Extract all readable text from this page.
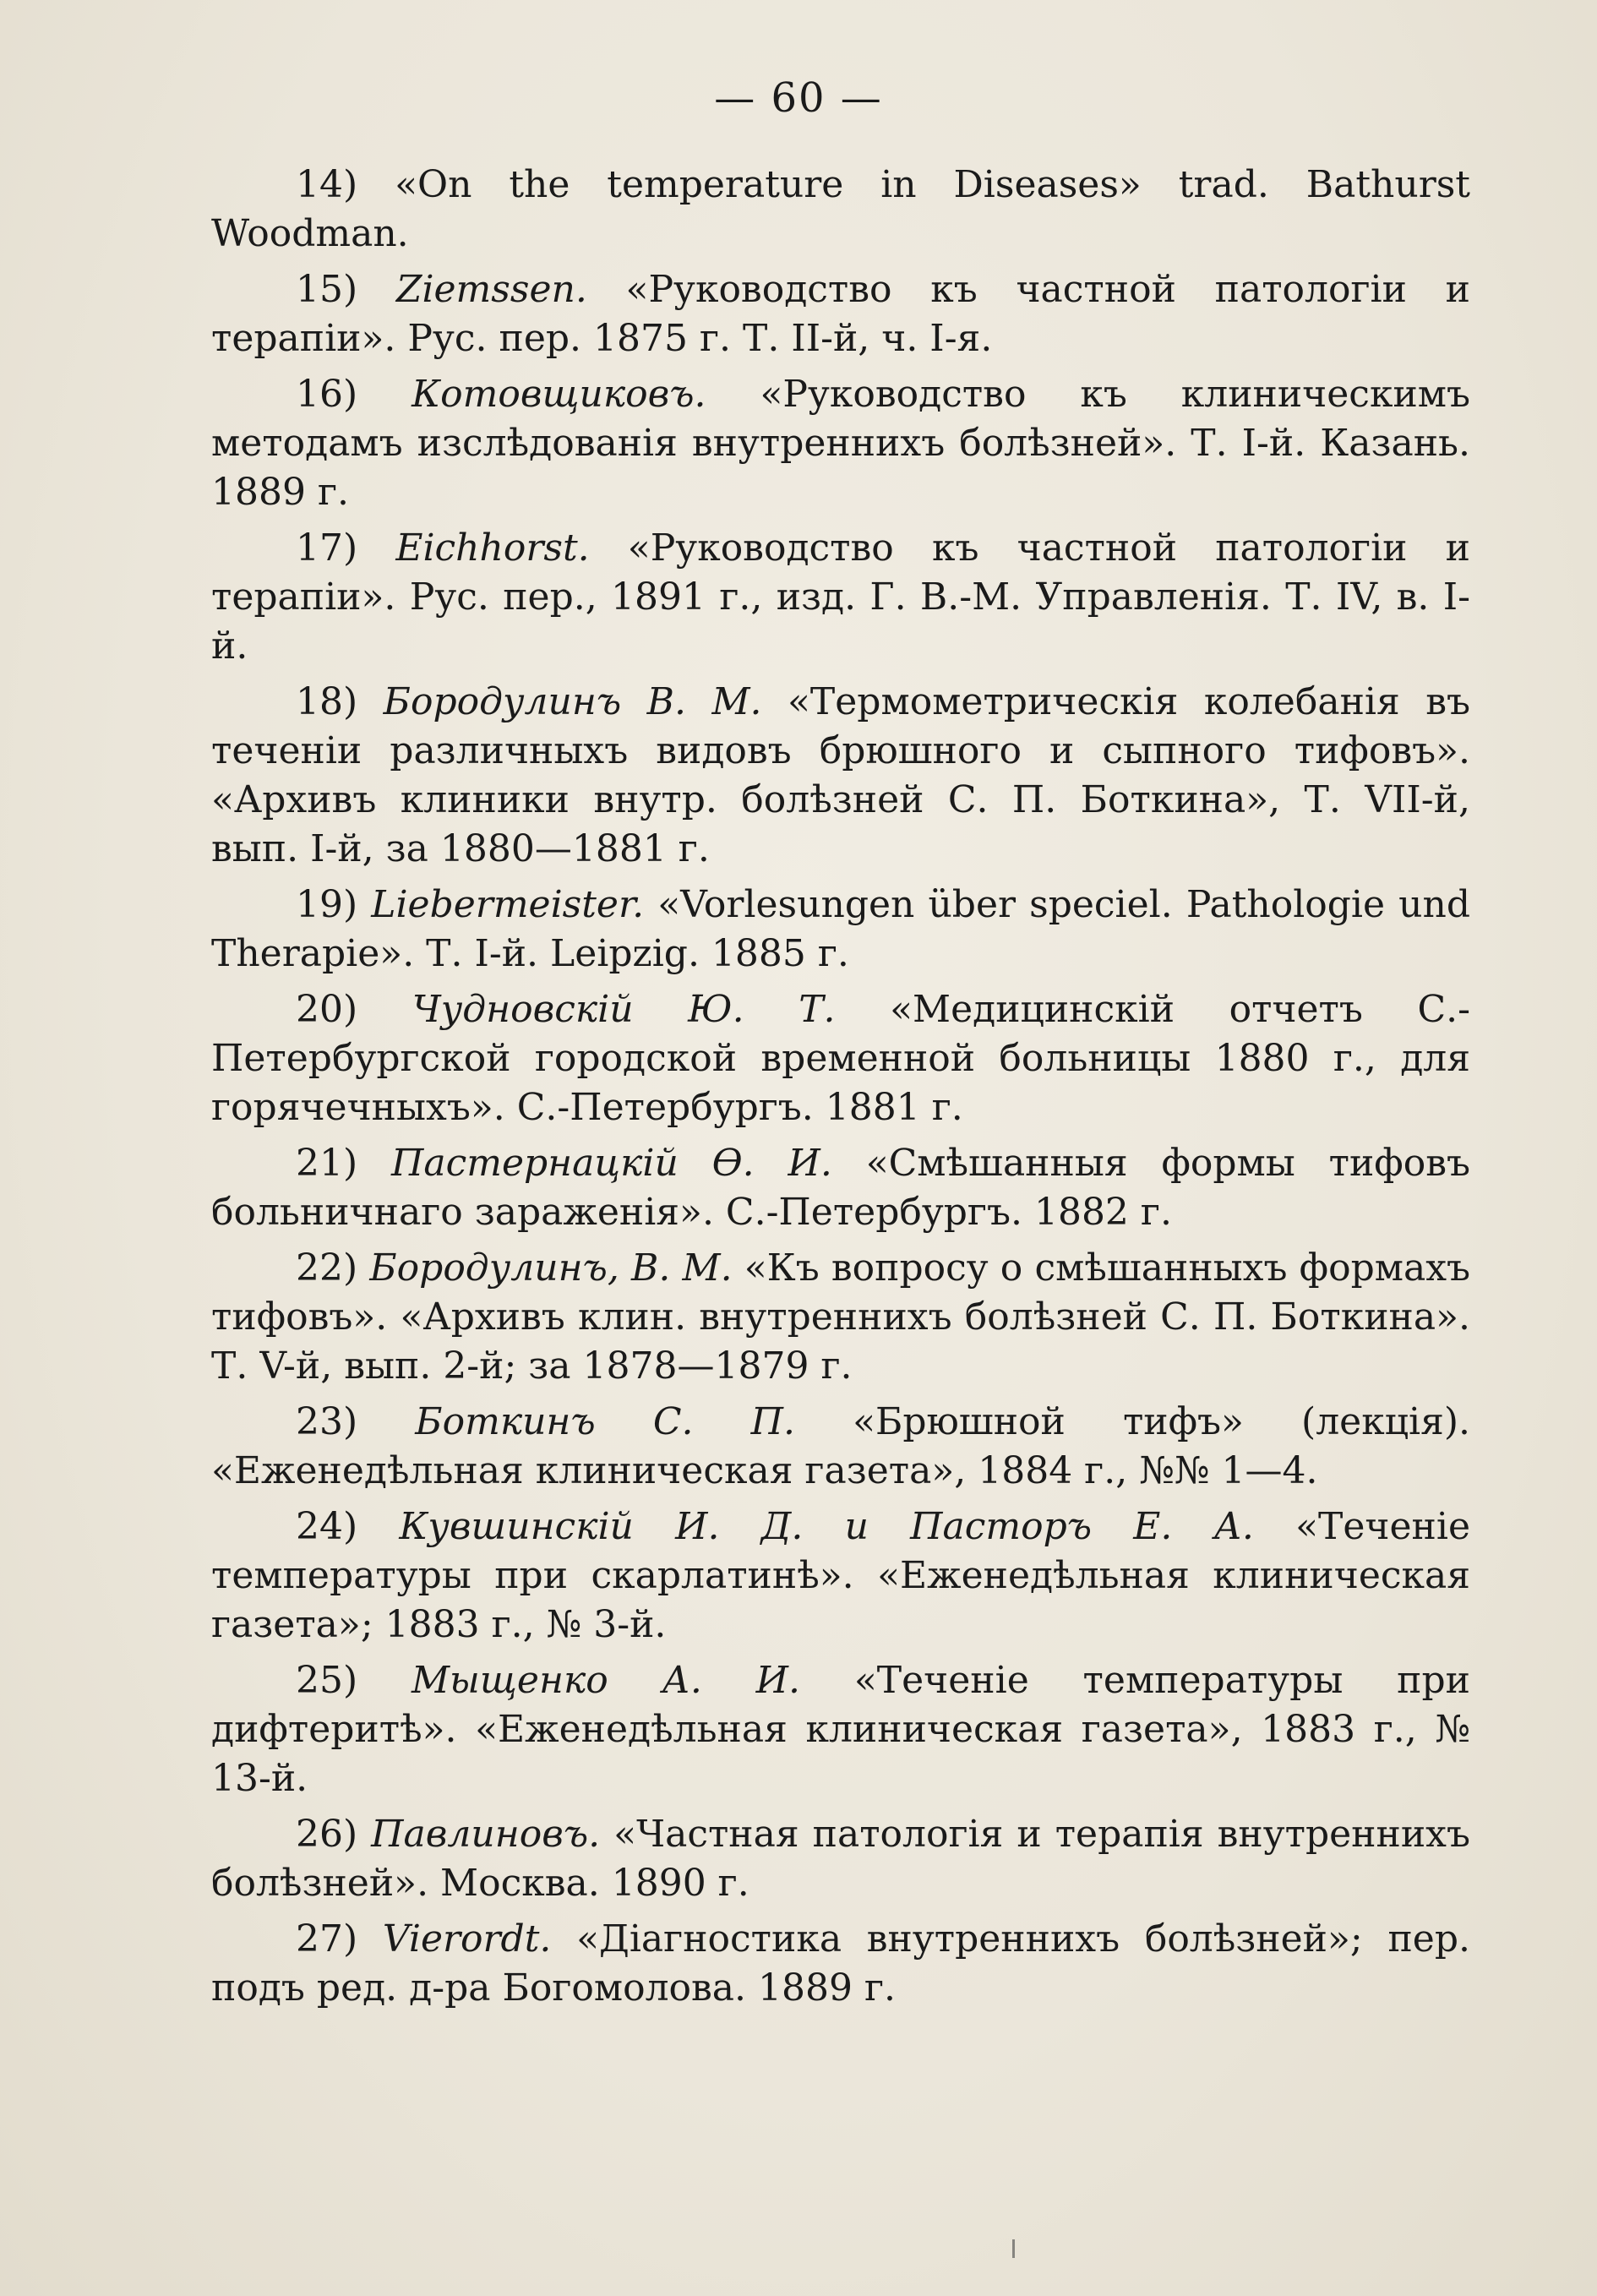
— 60 —

14) «On the temperature in Diseases» trad. Bathurst Woodman.

15) Ziemssen. «Руководство къ частной патологіи и терапіи». Рус. пер. 1875 г. Т. II-й, ч. I-я.

16) Котовщиковъ. «Руководство къ клиническимъ методамъ изслѣдованія внутреннихъ болѣзней». Т. I-й. Казань. 1889 г.

17) Eichhorst. «Руководство къ частной патологіи и терапіи». Рус. пер., 1891 г., изд. Г. В.-М. Управленія. Т. IV, в. I-й.

18) Бородулинъ В. М. «Термометрическія колебанія въ теченіи различныхъ видовъ брюшного и сыпного тифовъ». «Архивъ клиники внутр. болѣзней С. П. Боткина», Т. VII-й, вып. I-й, за 1880—1881 г.

19) Liebermeister. «Vorlesungen über speciel. Pathologie und Therapie». Т. I-й. Leipzig. 1885 г.

20) Чудновскій Ю. Т. «Медицинскій отчетъ С.-Петербургской городской временной больницы 1880 г., для горячечныхъ». С.-Петербургъ. 1881 г.

21) Пастернацкій Ө. И. «Смѣшанныя формы тифовъ больничнаго зараженія». С.-Петербургъ. 1882 г.

22) Бородулинъ, В. М. «Къ вопросу о смѣшанныхъ формахъ тифовъ». «Архивъ клин. внутреннихъ болѣзней С. П. Боткина». Т. V-й, вып. 2-й; за 1878—1879 г.

23) Боткинъ С. П. «Брюшной тифъ» (лекція). «Еженедѣльная клиническая газета», 1884 г., №№ 1—4.

24) Кувшинскій И. Д. и Пасторъ Е. А. «Теченіе температуры при скарлатинѣ». «Еженедѣльная клиническая газета»; 1883 г., № 3-й.

25) Мыщенко А. И. «Теченіе температуры при дифтеритѣ». «Еженедѣльная клиническая газета», 1883 г., № 13-й.

26) Павлиновъ. «Частная патологія и терапія внутреннихъ болѣзней». Москва. 1890 г.

27) Vierordt. «Діагностика внутреннихъ болѣзней»; пер. подъ ред. д-ра Богомолова. 1889 г.
